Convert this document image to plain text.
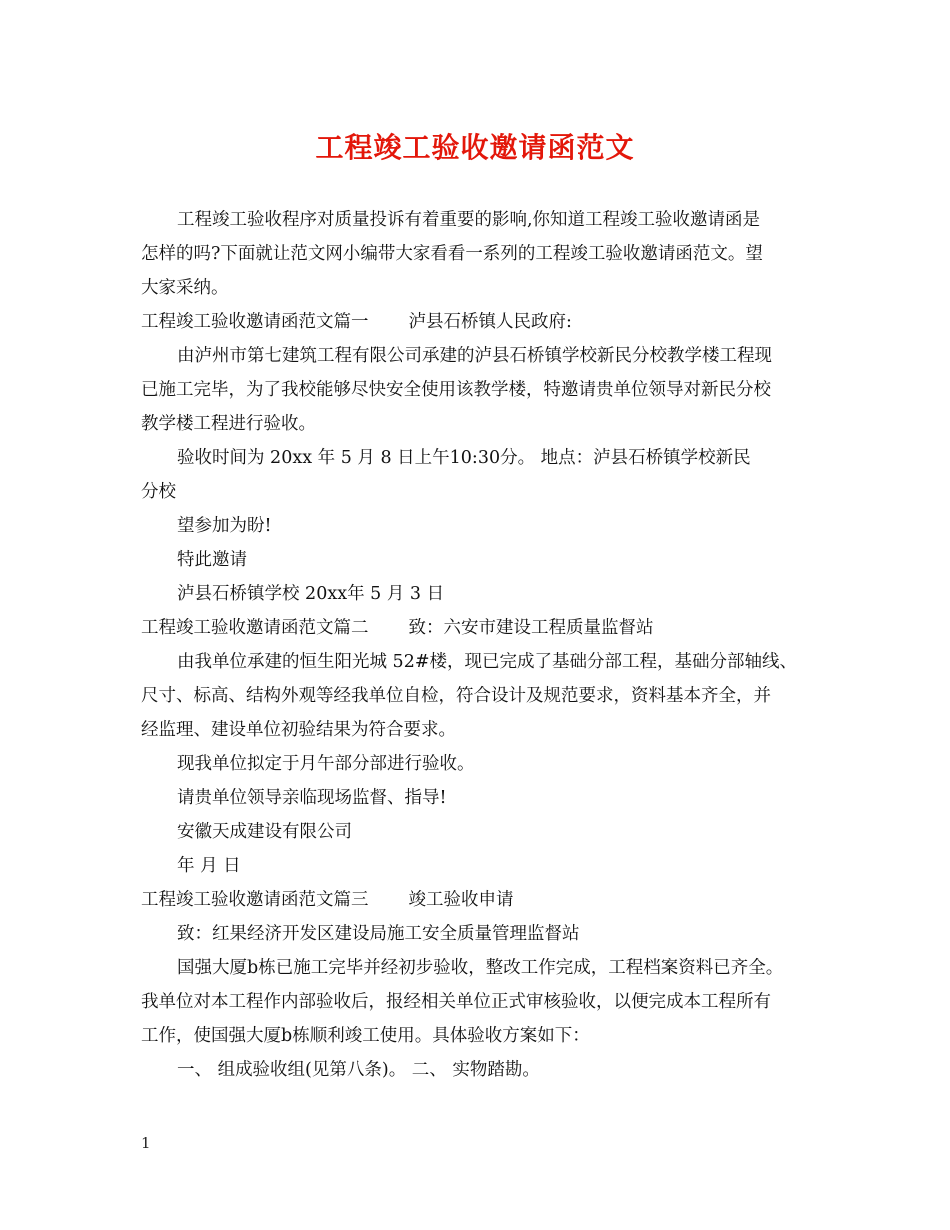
工程竣工验收邀请函范文
工程竣工验收程序对质量投诉有着重要的影响,你知道工程竣工验收邀请函是
怎样的吗?下面就让范文网小编带大家看看一系列的工程竣工验收邀请函范文。望
大家采纳。
工程竣工验收邀请函范文篇一 泸县石桥镇人民政府:
由泸州市第七建筑工程有限公司承建的泸县石桥镇学校新民分校教学楼工程现
已施工完毕，为了我校能够尽快安全使用该教学楼，特邀请贵单位领导对新民分校
教学楼工程进行验收。
验收时间为 20xx 年 5 月 8 日上午10:30分。 地点：泸县石桥镇学校新民
分校
望参加为盼!
特此邀请
泸县石桥镇学校 20xx年 5 月 3 日
工程竣工验收邀请函范文篇二 致：六安市建设工程质量监督站
由我单位承建的恒生阳光城 52#楼，现已完成了基础分部工程，基础分部轴线、
尺寸、标高、结构外观等经我单位自检，符合设计及规范要求，资料基本齐全，并
经监理、建设单位初验结果为符合要求。
现我单位拟定于月午部分部进行验收。
请贵单位领导亲临现场监督、指导!
安徽天成建设有限公司
年 月 日
工程竣工验收邀请函范文篇三 竣工验收申请
致：红果经济开发区建设局施工安全质量管理监督站
国强大厦b栋已施工完毕并经初步验收，整改工作完成，工程档案资料已齐全。
我单位对本工程作内部验收后，报经相关单位正式审核验收，以便完成本工程所有
工作，使国强大厦b栋顺利竣工使用。具体验收方案如下：
一、 组成验收组(见第八条)。 二、 实物踏勘。
1
